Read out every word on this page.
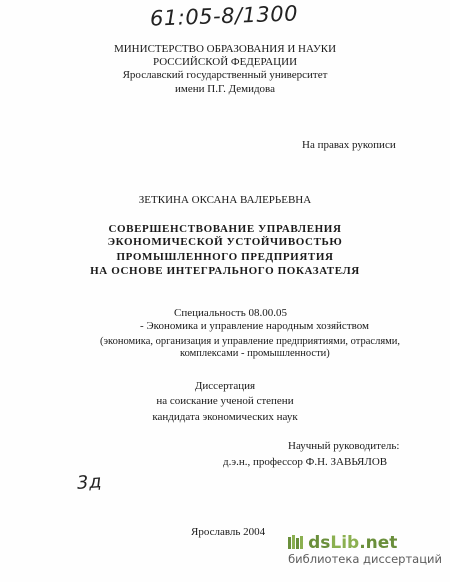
61:05-8/1300
МИНИСТЕРСТВО ОБРАЗОВАНИЯ И НАУКИ
РОССИЙСКОЙ ФЕДЕРАЦИИ
Ярославский государственный университет
имени П.Г. Демидова
На правах рукописи
ЗЕТКИНА ОКСАНА ВАЛЕРЬЕВНА
СОВЕРШЕНСТВОВАНИЕ УПРАВЛЕНИЯ
ЭКОНОМИЧЕСКОЙ УСТОЙЧИВОСТЬЮ
ПРОМЫШЛЕННОГО ПРЕДПРИЯТИЯ
НА ОСНОВЕ ИНТЕГРАЛЬНОГО ПОКАЗАТЕЛЯ
Специальность 08.00.05
- Экономика и управление народным хозяйством
(экономика, организация и управление предприятиями, отраслями,
комплексами - промышленности)
Диссертация
на соискание ученой степени
кандидата экономических наук
Научный руководитель:
д.э.н., профессор Ф.Н. ЗАВЬЯЛОВ
3д
Ярославль 2004
dsLib.net
библиотека диссертаций
